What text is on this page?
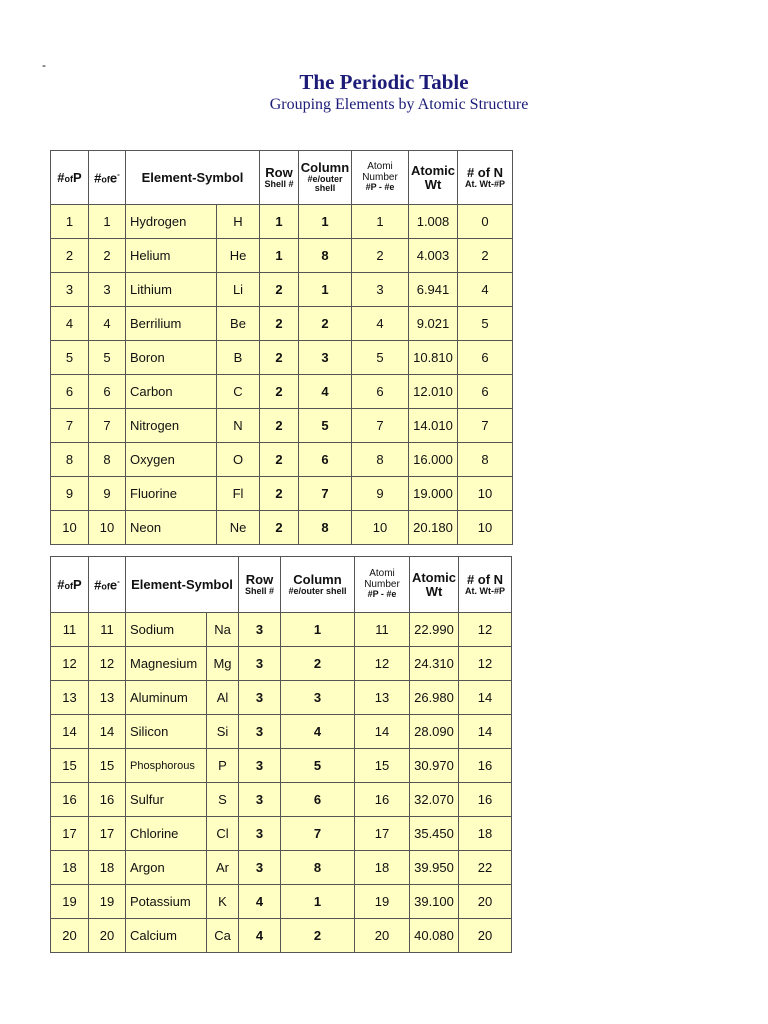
-
The Periodic Table
Grouping Elements by Atomic Structure
#ofP	#ofe-	Element-Symbol		Row
Shell #	Column
#e/outer
shell	Atomi
Number
#P - #e	Atomic
Wt	# of N
At. Wt-#P

1	1	Hydrogen	H	1	1	1	1.008	0
2	2	Helium	He	1	8	2	4.003	2
3	3	Lithium	Li	2	1	3	6.941	4
4	4	Berrilium	Be	2	2	4	9.021	5
5	5	Boron	B	2	3	5	10.810	6
6	6	Carbon	C	2	4	6	12.010	6
7	7	Nitrogen	N	2	5	7	14.010	7
8	8	Oxygen	O	2	6	8	16.000	8
9	9	Fluorine	Fl	2	7	9	19.000	10
10	10	Neon	Ne	2	8	10	20.180	10
#ofP	#ofe-	Element-Symbol		Row
Shell #	Column
#e/outer shell	Atomi
Number
#P - #e	Atomic
Wt	# of N
At. Wt-#P

11	11	Sodium	Na	3	1	11	22.990	12
12	12	Magnesium	Mg	3	2	12	24.310	12
13	13	Aluminum	Al	3	3	13	26.980	14
14	14	Silicon	Si	3	4	14	28.090	14
15	15	Phosphorous	P	3	5	15	30.970	16
16	16	Sulfur	S	3	6	16	32.070	16
17	17	Chlorine	Cl	3	7	17	35.450	18
18	18	Argon	Ar	3	8	18	39.950	22
19	19	Potassium	K	4	1	19	39.100	20
20	20	Calcium	Ca	4	2	20	40.080	20
